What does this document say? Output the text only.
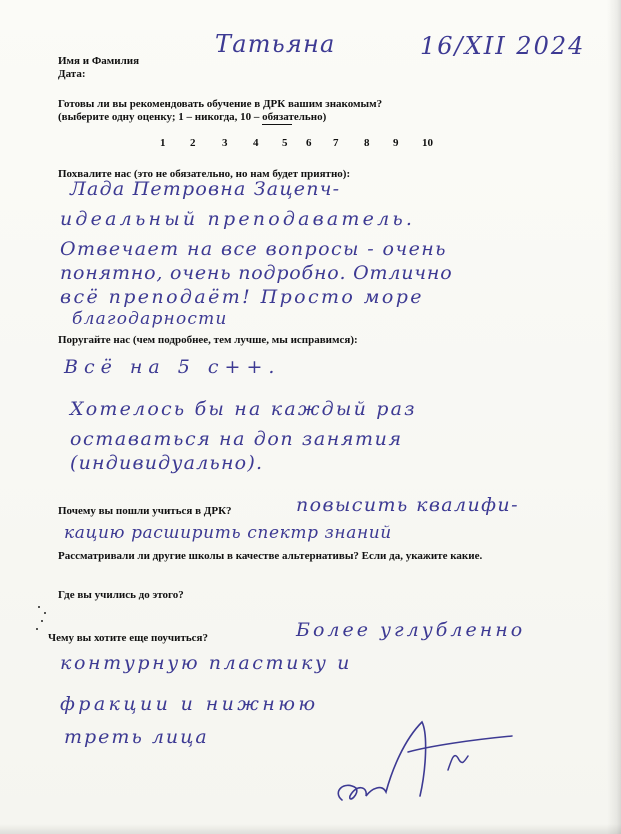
Имя и Фамилия
Дата:
Готовы ли вы рекомендовать обучение в ДРК вашим знакомым?
(выберите одну оценку; 1 – никогда, 10 – обязательно)
1 2 3 4 5 6 7 8 9 10
Похвалите нас (это не обязательно, но нам будет приятно):
Поругайте нас (чем подробнее, тем лучше, мы исправимся):
Почему вы пошли учиться в ДРК?
Рассматривали ли другие школы в качестве альтернативы? Если да, укажите какие.
Где вы учились до этого?
Чему вы хотите еще поучиться?
Татьяна	16/XII 2024
Лада Петровна Зацепч-
идеальный преподаватель.
Отвечает на все вопросы - очень
понятно, очень подробно. Отлично
всё преподаёт! Просто море
благодарности
Всё на 5 с++.
Хотелось бы на каждый раз
оставаться на доп занятия
(индивидуально).
повысить квалифи-
кацию расширить спектр знаний
Более углубленно
контурную пластику и
фракции и нижнюю
треть лица
